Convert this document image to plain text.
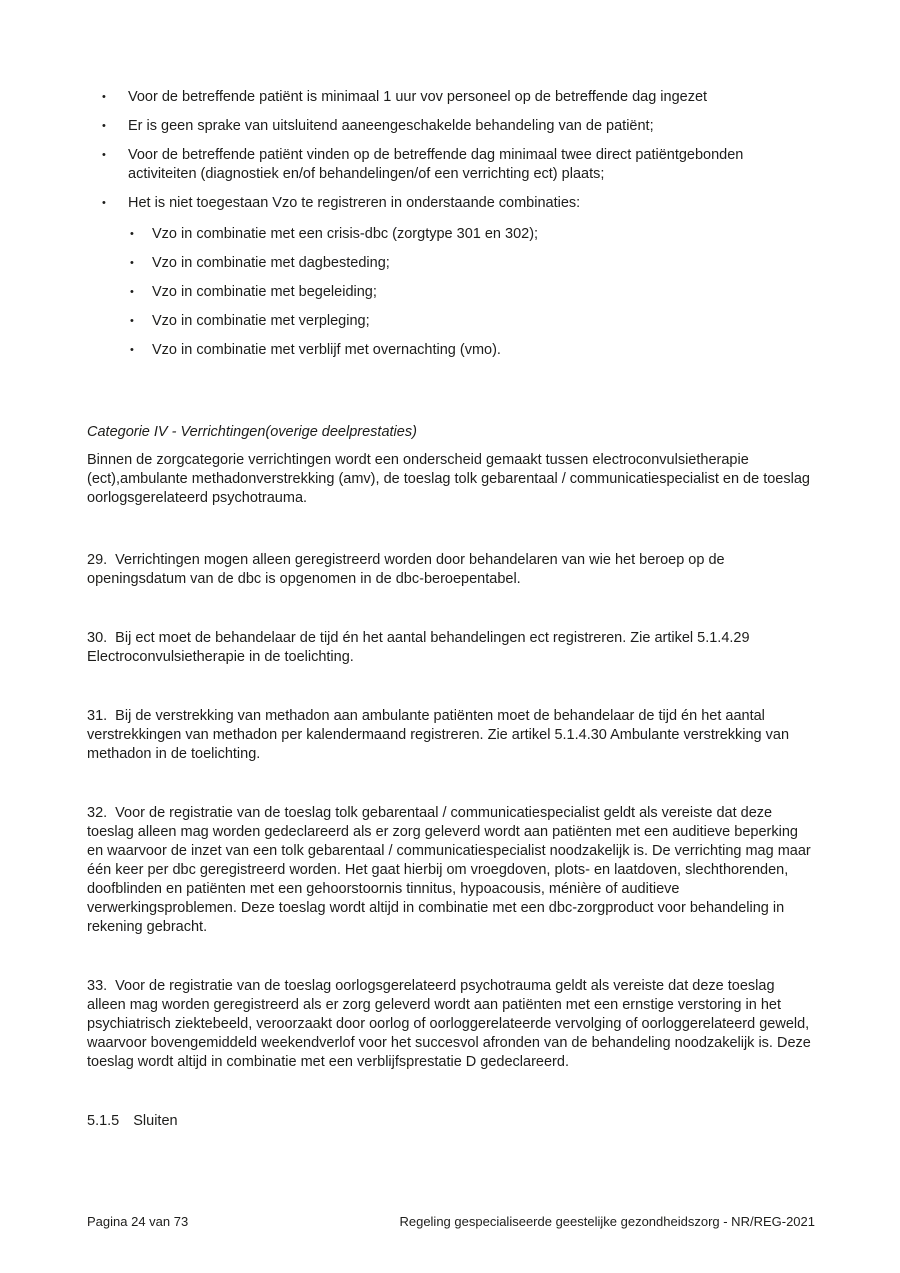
•	Voor de betreffende patiënt is minimaal 1 uur vov personeel op de betreffende dag ingezet
•	Er is geen sprake van uitsluitend aaneengeschakelde behandeling van de patiënt;
•	Voor de betreffende patiënt vinden op de betreffende dag minimaal twee direct patiëntgebonden activiteiten (diagnostiek en/of behandelingen/of een verrichting ect) plaats;
•	Het is niet toegestaan Vzo te registreren in onderstaande combinaties:
•	Vzo in combinatie met een crisis-dbc (zorgtype 301 en 302);
•	Vzo in combinatie met dagbesteding;
•	Vzo in combinatie met begeleiding;
•	Vzo in combinatie met verpleging;
•	Vzo in combinatie met verblijf met overnachting (vmo).
Categorie IV - Verrichtingen(overige deelprestaties)

Binnen de zorgcategorie verrichtingen wordt een onderscheid gemaakt tussen electroconvulsietherapie (ect),ambulante methadonverstrekking (amv), de toeslag tolk gebarentaal / communicatiespecialist en de toeslag oorlogsgerelateerd psychotrauma.

29. Verrichtingen mogen alleen geregistreerd worden door behandelaren van wie het beroep op de openingsdatum van de dbc is opgenomen in de dbc-beroepentabel.

30. Bij ect moet de behandelaar de tijd én het aantal behandelingen ect registreren. Zie artikel 5.1.4.29 Electroconvulsietherapie in de toelichting.

31. Bij de verstrekking van methadon aan ambulante patiënten moet de behandelaar de tijd én het aantal verstrekkingen van methadon per kalendermaand registreren. Zie artikel 5.1.4.30 Ambulante verstrekking van methadon in de toelichting.

32. Voor de registratie van de toeslag tolk gebarentaal / communicatiespecialist geldt als vereiste dat deze toeslag alleen mag worden gedeclareerd als er zorg geleverd wordt aan patiënten met een auditieve beperking en waarvoor de inzet van een tolk gebarentaal / communicatiespecialist noodzakelijk is. De verrichting mag maar één keer per dbc geregistreerd worden. Het gaat hierbij om vroegdoven, plots- en laatdoven, slechthorenden, doofblinden en patiënten met een gehoorstoornis tinnitus, hypoacousis, ménière of auditieve verwerkingsproblemen. Deze toeslag wordt altijd in combinatie met een dbc-zorgproduct voor behandeling in rekening gebracht.

33. Voor de registratie van de toeslag oorlogsgerelateerd psychotrauma geldt als vereiste dat deze toeslag alleen mag worden geregistreerd als er zorg geleverd wordt aan patiënten met een ernstige verstoring in het psychiatrisch ziektebeeld, veroorzaakt door oorlog of oorloggerelateerde vervolging of oorloggerelateerd geweld, waarvoor bovengemiddeld weekendverlof voor het succesvol afronden van de behandeling noodzakelijk is. Deze toeslag wordt altijd in combinatie met een verblijfsprestatie D gedeclareerd.

5.1.5 Sluiten
Pagina 24 van 73	Regeling gespecialiseerde geestelijke gezondheidszorg - NR/REG-2021
